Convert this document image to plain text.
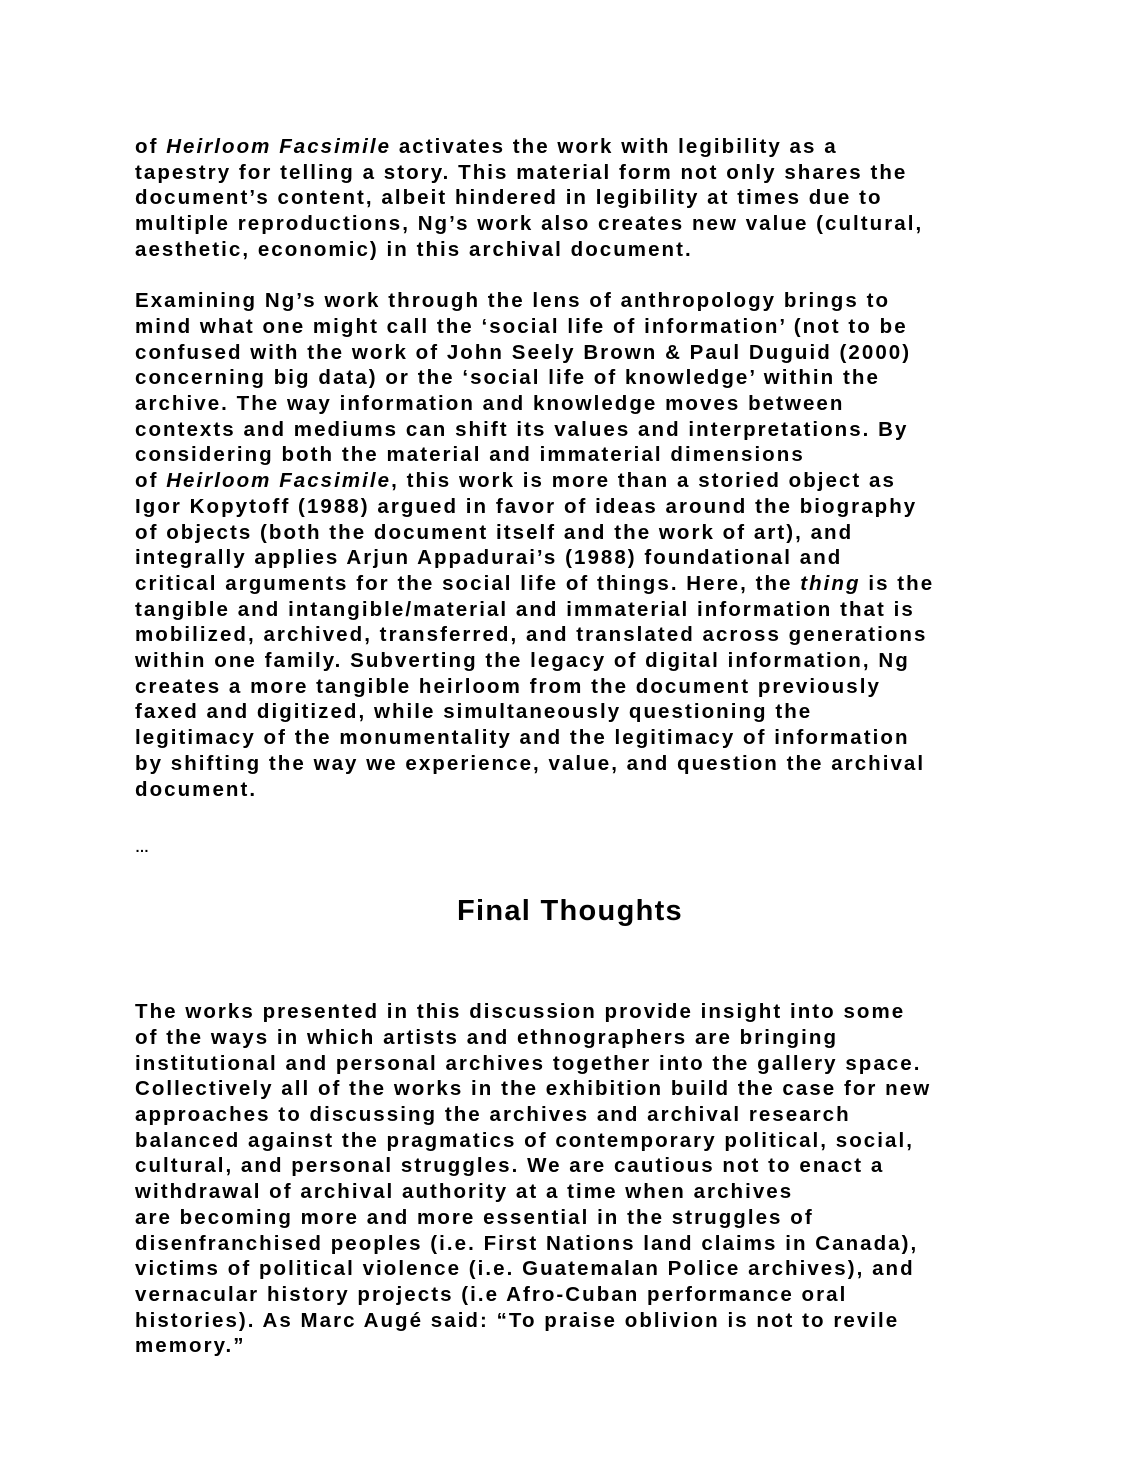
of Heirloom Facsimile activates the work with legibility as a
tapestry for telling a story. This material form not only shares the
document’s content, albeit hindered in legibility at times due to
multiple reproductions, Ng’s work also creates new value (cultural,
aesthetic, economic) in this archival document.

Examining Ng’s work through the lens of anthropology brings to
mind what one might call the ‘social life of information’ (not to be
confused with the work of John Seely Brown & Paul Duguid (2000)
concerning big data) or the ‘social life of knowledge’ within the
archive. The way information and knowledge moves between
contexts and mediums can shift its values and interpretations. By
considering both the material and immaterial dimensions
of Heirloom Facsimile, this work is more than a storied object as
Igor Kopytoff (1988) argued in favor of ideas around the biography
of objects (both the document itself and the work of art), and
integrally applies Arjun Appadurai’s (1988) foundational and
critical arguments for the social life of things. Here, the thing is the
tangible and intangible/material and immaterial information that is
mobilized, archived, transferred, and translated across generations
within one family. Subverting the legacy of digital information, Ng
creates a more tangible heirloom from the document previously
faxed and digitized, while simultaneously questioning the
legitimacy of the monumentality and the legitimacy of information
by shifting the way we experience, value, and question the archival
document.

…
Final Thoughts

The works presented in this discussion provide insight into some
of the ways in which artists and ethnographers are bringing
institutional and personal archives together into the gallery space.
Collectively all of the works in the exhibition build the case for new
approaches to discussing the archives and archival research
balanced against the pragmatics of contemporary political, social,
cultural, and personal struggles. We are cautious not to enact a
withdrawal of archival authority at a time when archives
are becoming more and more essential in the struggles of
disenfranchised peoples (i.e. First Nations land claims in Canada),
victims of political violence (i.e. Guatemalan Police archives), and
vernacular history projects (i.e Afro-Cuban performance oral
histories). As Marc Augé said: “To praise oblivion is not to revile
memory.”
